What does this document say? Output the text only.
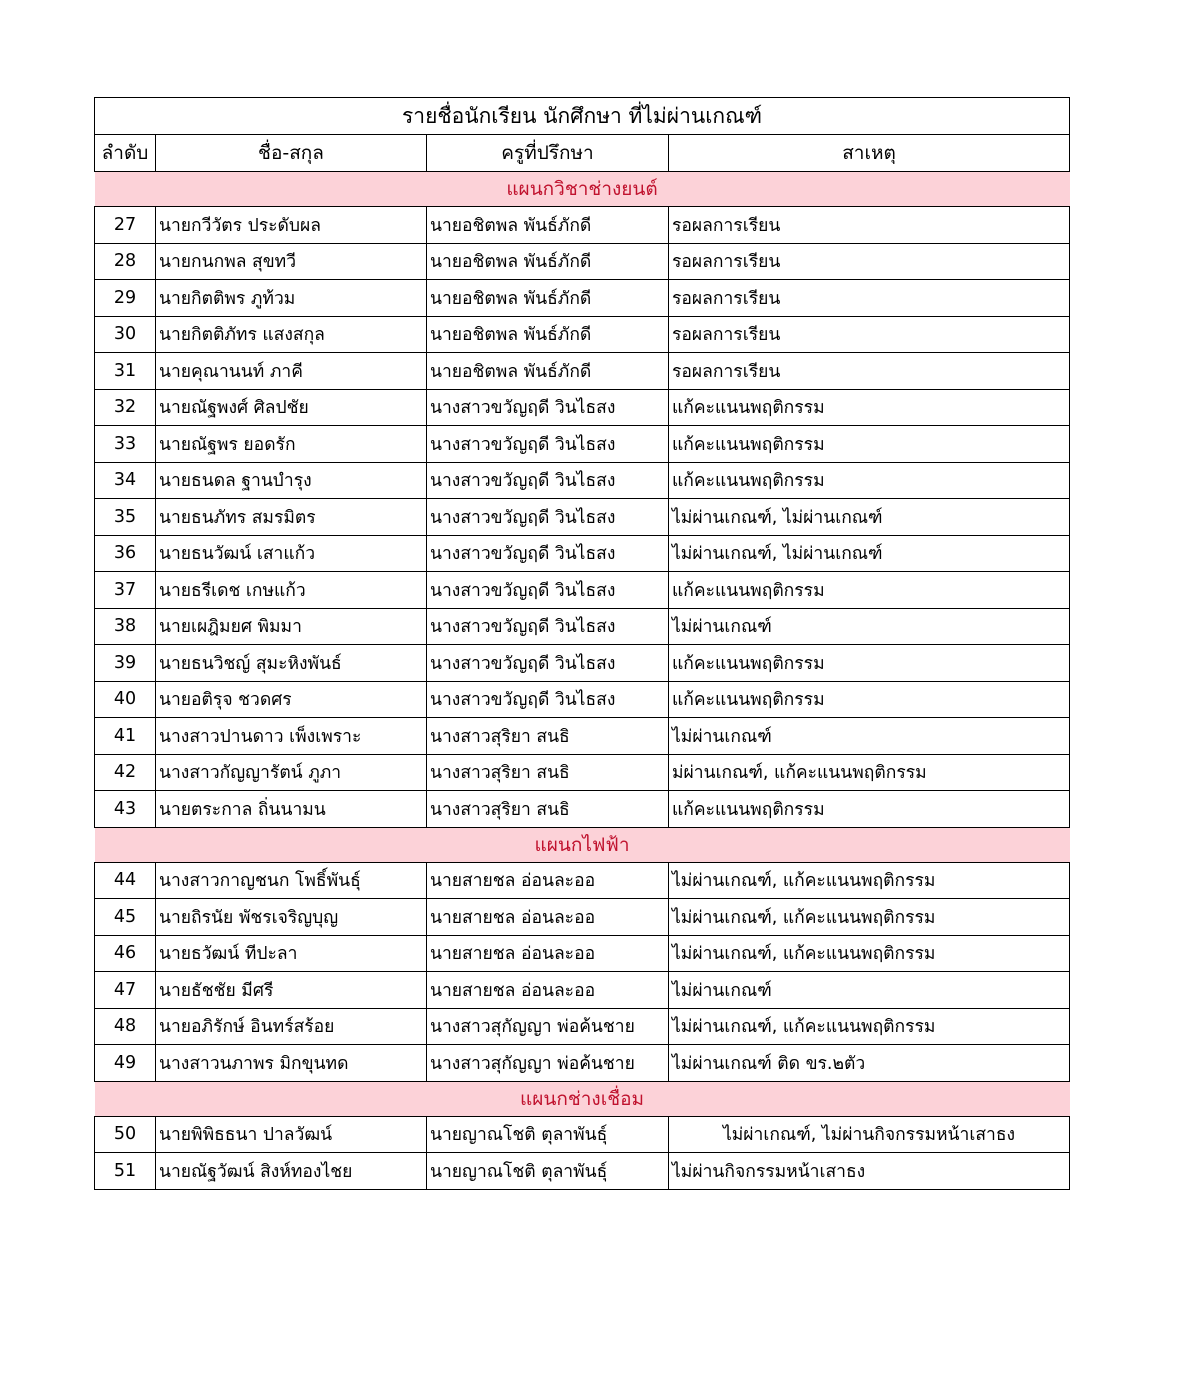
รายชื่อนักเรียน นักศึกษา ที่ไม่ผ่านเกณฑ์			
ลำดับ	ชื่อ-สกุล	ครูที่ปรึกษา	สาเหตุ
แผนกวิชาช่างยนต์			
27	นายกวีวัตร ประดับผล	นายอชิตพล พันธ์ภักดี	รอผลการเรียน
28	นายกนกพล สุขทวี	นายอชิตพล พันธ์ภักดี	รอผลการเรียน
29	นายกิตติพร ภูท้วม	นายอชิตพล พันธ์ภักดี	รอผลการเรียน
30	นายกิตติภัทร แสงสกุล	นายอชิตพล พันธ์ภักดี	รอผลการเรียน
31	นายคุณานนท์ ภาคี	นายอชิตพล พันธ์ภักดี	รอผลการเรียน
32	นายณัฐพงศ์ ศิลปชัย	นางสาวขวัญฤดี วินไธสง	แก้คะแนนพฤติกรรม
33	นายณัฐพร ยอดรัก	นางสาวขวัญฤดี วินไธสง	แก้คะแนนพฤติกรรม
34	นายธนดล ฐานบำรุง	นางสาวขวัญฤดี วินไธสง	แก้คะแนนพฤติกรรม
35	นายธนภัทร สมรมิตร	นางสาวขวัญฤดี วินไธสง	ไม่ผ่านเกณฑ์, ไม่ผ่านเกณฑ์
36	นายธนวัฒน์ เสาแก้ว	นางสาวขวัญฤดี วินไธสง	ไม่ผ่านเกณฑ์, ไม่ผ่านเกณฑ์
37	นายธรีเดช เกษแก้ว	นางสาวขวัญฤดี วินไธสง	แก้คะแนนพฤติกรรม
38	นายเผฎิมยศ พิมมา	นางสาวขวัญฤดี วินไธสง	ไม่ผ่านเกณฑ์
39	นายธนวิชญ์ สุมะหิงพันธ์	นางสาวขวัญฤดี วินไธสง	แก้คะแนนพฤติกรรม
40	นายอติรุจ ชวดศร	นางสาวขวัญฤดี วินไธสง	แก้คะแนนพฤติกรรม
41	นางสาวปานดาว เพ็งเพราะ	นางสาวสุริยา สนธิ	ไม่ผ่านเกณฑ์
42	นางสาวกัญญารัตน์ ภูภา	นางสาวสุริยา สนธิ	ม่ผ่านเกณฑ์, แก้คะแนนพฤติกรรม
43	นายตระกาล ถิ่นนามน	นางสาวสุริยา สนธิ	แก้คะแนนพฤติกรรม
แผนกไฟฟ้า			
44	นางสาวกาญชนก โพธิ์พันธุ์	นายสายชล อ่อนละออ	ไม่ผ่านเกณฑ์, แก้คะแนนพฤติกรรม
45	นายถิรนัย พัชรเจริญบุญ	นายสายชล อ่อนละออ	ไม่ผ่านเกณฑ์, แก้คะแนนพฤติกรรม
46	นายธวัฒน์ ทีปะลา	นายสายชล อ่อนละออ	ไม่ผ่านเกณฑ์, แก้คะแนนพฤติกรรม
47	นายธัชชัย มีศรี	นายสายชล อ่อนละออ	ไม่ผ่านเกณฑ์
48	นายอภิรักษ์ อินทร์สร้อย	นางสาวสุกัญญา พ่อค้นชาย	ไม่ผ่านเกณฑ์, แก้คะแนนพฤติกรรม
49	นางสาวนภาพร มิกขุนทด	นางสาวสุกัญญา พ่อค้นชาย	ไม่ผ่านเกณฑ์ ติด ขร.๒ตัว
แผนกช่างเชื่อม			
50	นายพิพิธธนา ปาลวัฒน์	นายญาณโชติ ตุลาพันธุ์	ไม่ผ่าเกณฑ์, ไม่ผ่านกิจกรรมหน้าเสาธง
51	นายณัฐวัฒน์ สิงห์ทองไชย	นายญาณโชติ ตุลาพันธุ์	ไม่ผ่านกิจกรรมหน้าเสาธง
